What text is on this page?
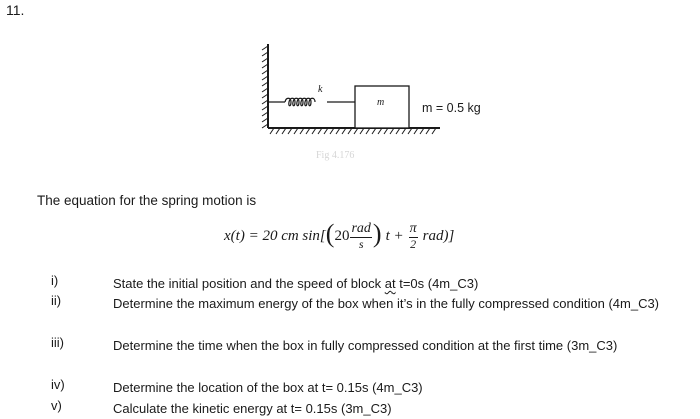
11.
k
m	m = 0.5 kg
Fig 4.176
The equation for the spring motion is
x(t) = 20 cm sin[ ( $20 \frac{\text{rad}}{s}$ ) $t + \frac{\pi}{2} rad$)]
i)	State the initial position and the speed of block at t=0s (4m_C3)
ii)	Determine the maximum energy of the box when it’s in the fully compressed condition (4m_C3)
iii)	Determine the time when the box in fully compressed condition at the first time (3m_C3)
iv)	Determine the location of the box at t= 0.15s (4m_C3)
v)	Calculate the kinetic energy at t= 0.15s (3m_C3)
